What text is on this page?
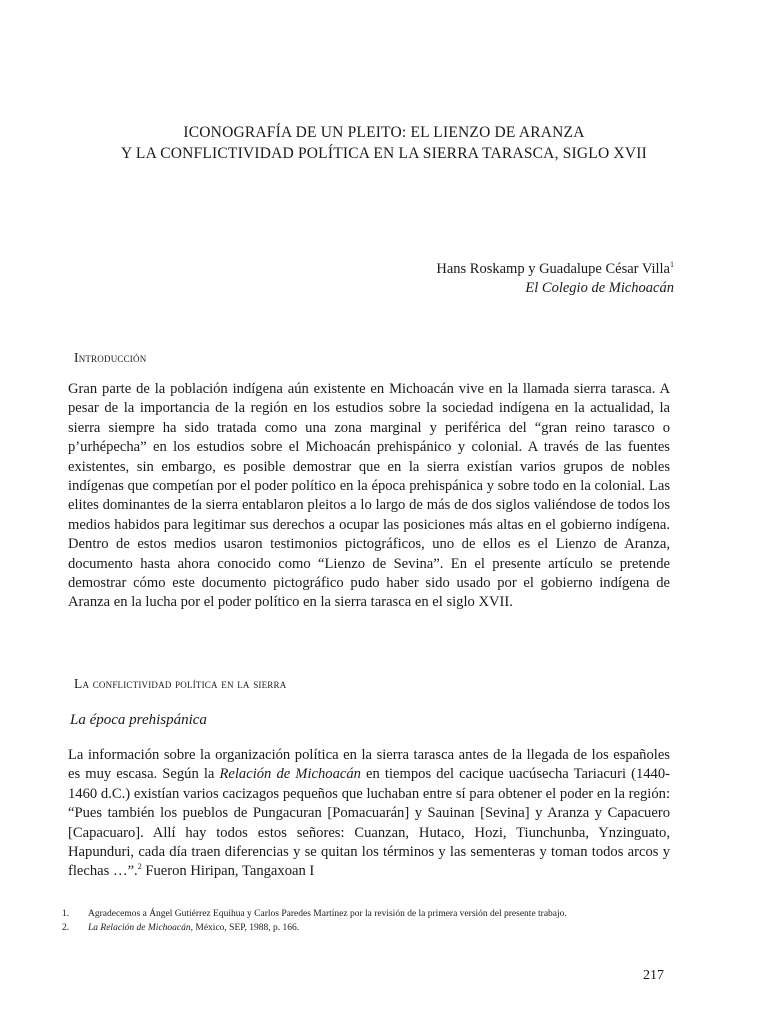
ICONOGRAFÍA DE UN PLEITO: EL LIENZO DE ARANZA
Y LA CONFLICTIVIDAD POLÍTICA EN LA SIERRA TARASCA, SIGLO XVII
Hans Roskamp y Guadalupe César Villa$^1$
El Colegio de Michoacán
Introducción
Gran parte de la población indígena aún existente en Michoacán vive en la llamada sierra tarasca. A pesar de la importancia de la región en los estudios sobre la sociedad indígena en la actualidad, la sierra siempre ha sido tratada como una zona marginal y periférica del “gran reino tarasco o p’urhépecha” en los estudios sobre el Michoacán prehispánico y colonial. A través de las fuentes existentes, sin embargo, es posible demostrar que en la sierra existían varios grupos de nobles indígenas que competían por el poder político en la época prehispánica y sobre todo en la colonial. Las elites dominantes de la sierra entablaron pleitos a lo largo de más de dos siglos valiéndose de todos los medios habidos para legitimar sus derechos a ocupar las posiciones más altas en el gobierno indígena. Dentro de estos medios usaron testimonios pictográficos, uno de ellos es el Lienzo de Aranza, documento hasta ahora conocido como “Lienzo de Sevina”. En el presente artículo se pretende demostrar cómo este documento pictográfico pudo haber sido usado por el gobierno indígena de Aranza en la lucha por el poder político en la sierra tarasca en el siglo XVII.
La conflictividad política en la sierra
La época prehispánica
La información sobre la organización política en la sierra tarasca antes de la llegada de los españoles es muy escasa. Según la Relación de Michoacán en tiempos del cacique uacúsecha Tariacuri (1440-1460 d.C.) existían varios cacizagos pequeños que luchaban entre sí para obtener el poder en la región: “Pues también los pueblos de Pungacuran [Pomacuarán] y Sauinan [Sevina] y Aranza y Capacuero [Capacuaro]. Allí hay todos estos señores: Cuanzan, Hutaco, Hozi, Tiunchunba, Ynzinguato, Hapunduri, cada día traen diferencias y se quitan los términos y las sementeras y toman todos arcos y flechas …”.$^2$ Fueron Hiripan, Tangaxoan I
1.	Agradecemos a Ángel Gutiérrez Equihua y Carlos Paredes Martínez por la revisión de la primera versión del presente trabajo.
2.	La Relación de Michoacán, México, SEP, 1988, p. 166.
217
